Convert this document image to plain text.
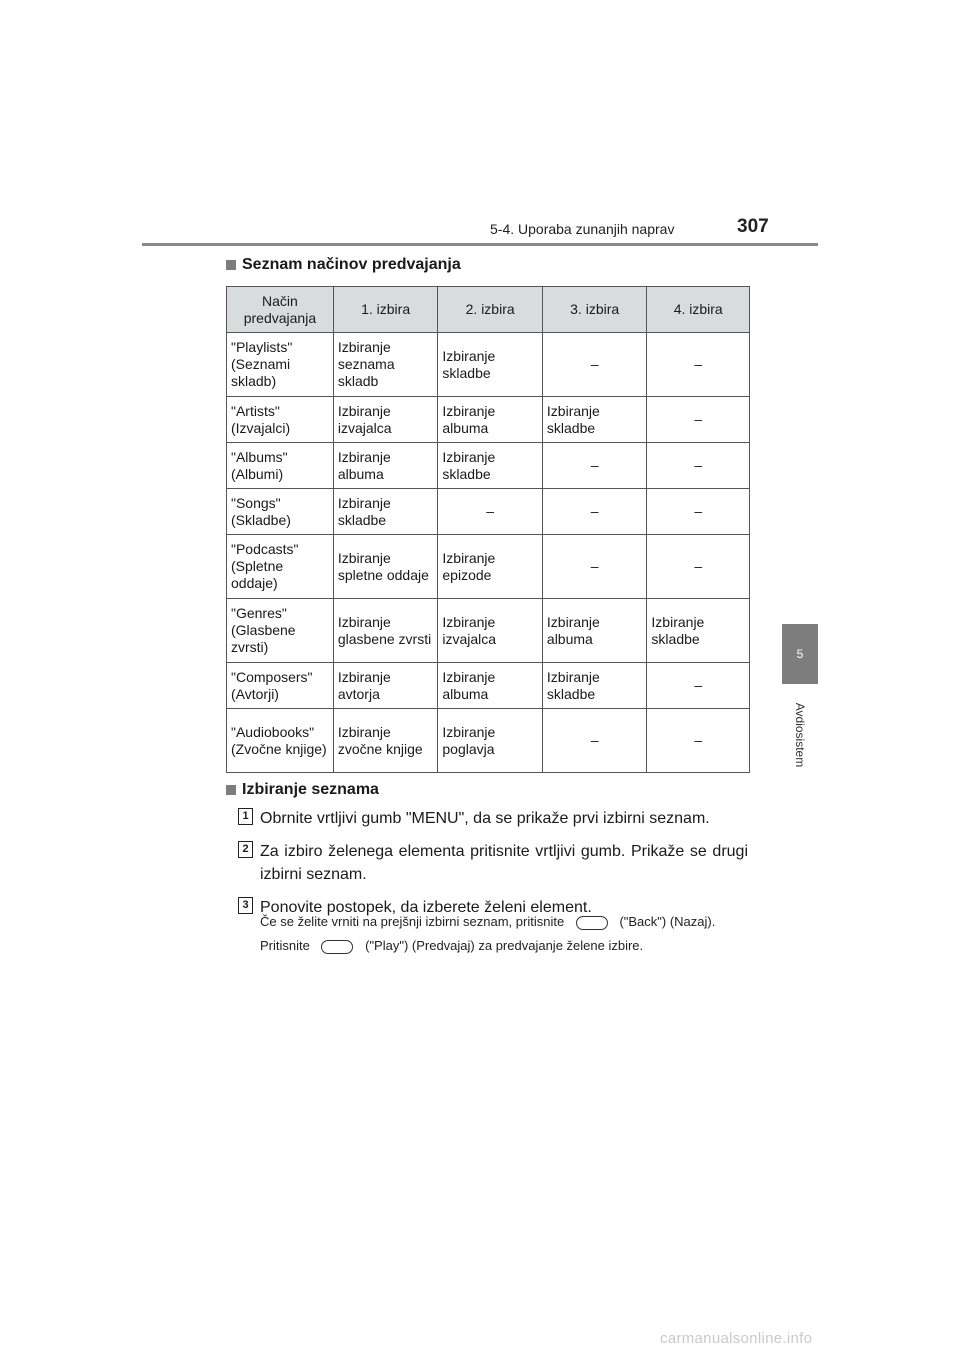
5-4. Uporaba zunanjih naprav	307
5
Avdiosistem
Seznam načinov predvajanja
Način predvajanja	1. izbira	2. izbira	3. izbira	4. izbira
"Playlists" (Seznami skladb)	Izbiranje seznama skladb	Izbiranje skladbe	–	–
"Artists" (Izvajalci)	Izbiranje izvajalca	Izbiranje albuma	Izbiranje skladbe	–
"Albums" (Albumi)	Izbiranje albuma	Izbiranje skladbe	–	–
"Songs" (Skladbe)	Izbiranje skladbe	–	–	–
"Podcasts" (Spletne oddaje)	Izbiranje spletne oddaje	Izbiranje epizode	–	–
"Genres" (Glasbene zvrsti)	Izbiranje glasbene zvrsti	Izbiranje izvajalca	Izbiranje albuma	Izbiranje skladbe
"Composers" (Avtorji)	Izbiranje avtorja	Izbiranje albuma	Izbiranje skladbe	–
"Audiobooks" (Zvočne knjige)	Izbiranje zvočne knjige	Izbiranje poglavja	–	–
Izbiranje seznama
1 Obrnite vrtljivi gumb "MENU", da se prikaže prvi izbirni seznam.
2 Za izbiro želenega elementa pritisnite vrtljivi gumb. Prikaže se drugi izbirni seznam.
3 Ponovite postopek, da izberete želeni element.
Če se želite vrniti na prejšnji izbirni seznam, pritisnite	("Back") (Nazaj).
Pritisnite	("Play") (Predvajaj) za predvajanje želene izbire.
carmanualsonline.info
